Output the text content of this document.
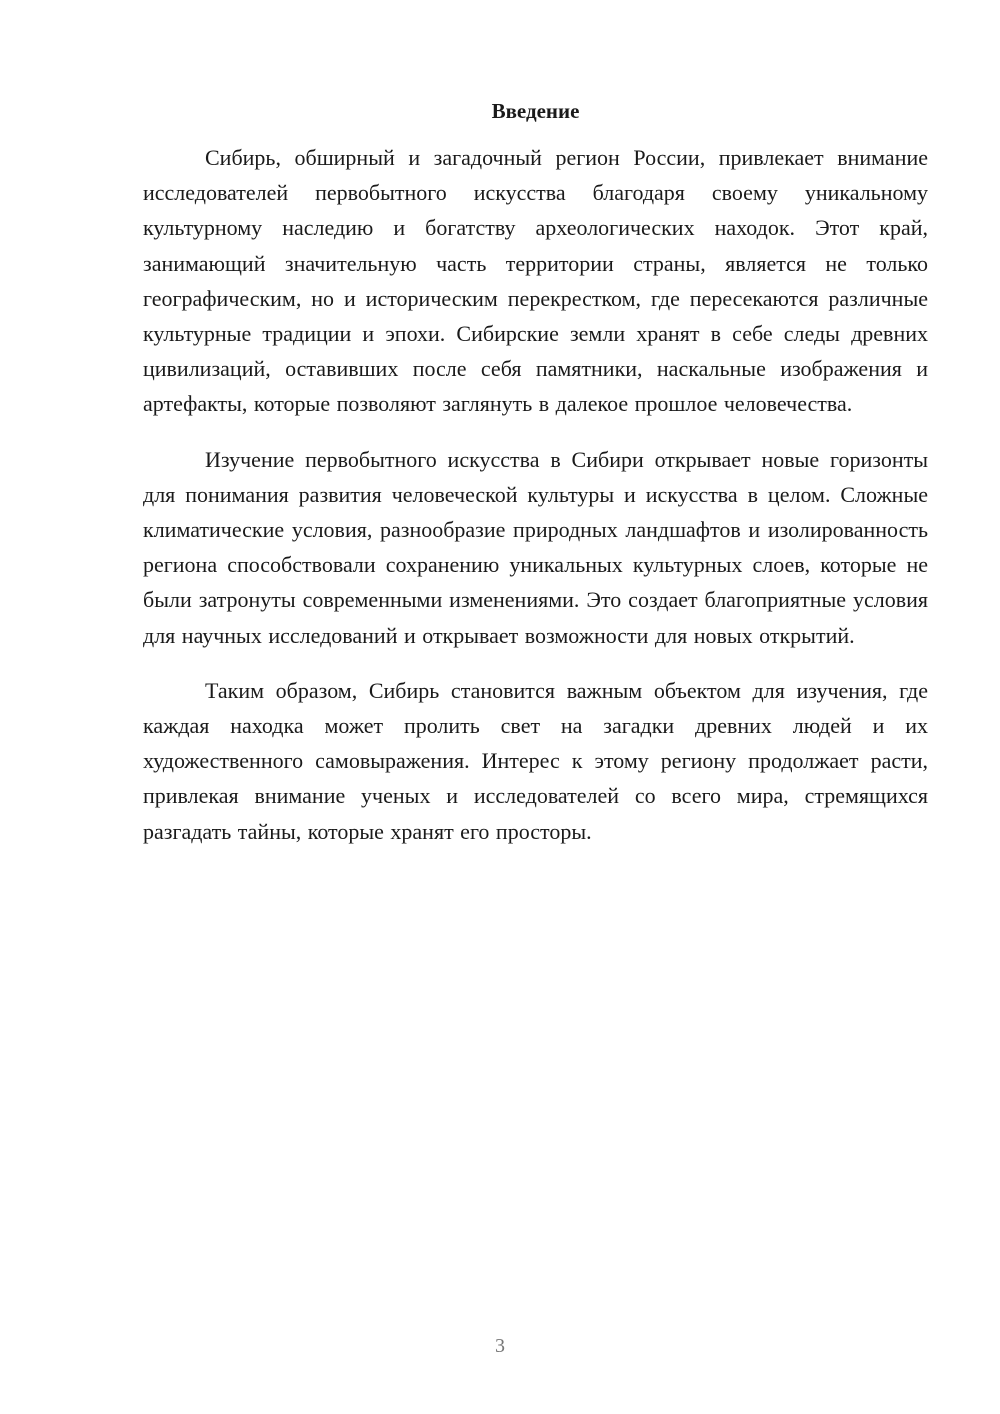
Введение

Сибирь, обширный и загадочный регион России, привлекает внимание исследователей первобытного искусства благодаря своему уникальному культурному наследию и богатству археологических находок. Этот край, занимающий значительную часть территории страны, является не только географическим, но и историческим перекрестком, где пересекаются различные культурные традиции и эпохи. Сибирские земли хранят в себе следы древних цивилизаций, оставивших после себя памятники, наскальные изображения и артефакты, которые позволяют заглянуть в далекое прошлое человечества.

Изучение первобытного искусства в Сибири открывает новые горизонты для понимания развития человеческой культуры и искусства в целом. Сложные климатические условия, разнообразие природных ландшафтов и изолированность региона способствовали сохранению уникальных культурных слоев, которые не были затронуты современными изменениями. Это создает благоприятные условия для научных исследований и открывает возможности для новых открытий.

Таким образом, Сибирь становится важным объектом для изучения, где каждая находка может пролить свет на загадки древних людей и их художественного самовыражения. Интерес к этому региону продолжает расти, привлекая внимание ученых и исследователей со всего мира, стремящихся разгадать тайны, которые хранят его просторы.

3
